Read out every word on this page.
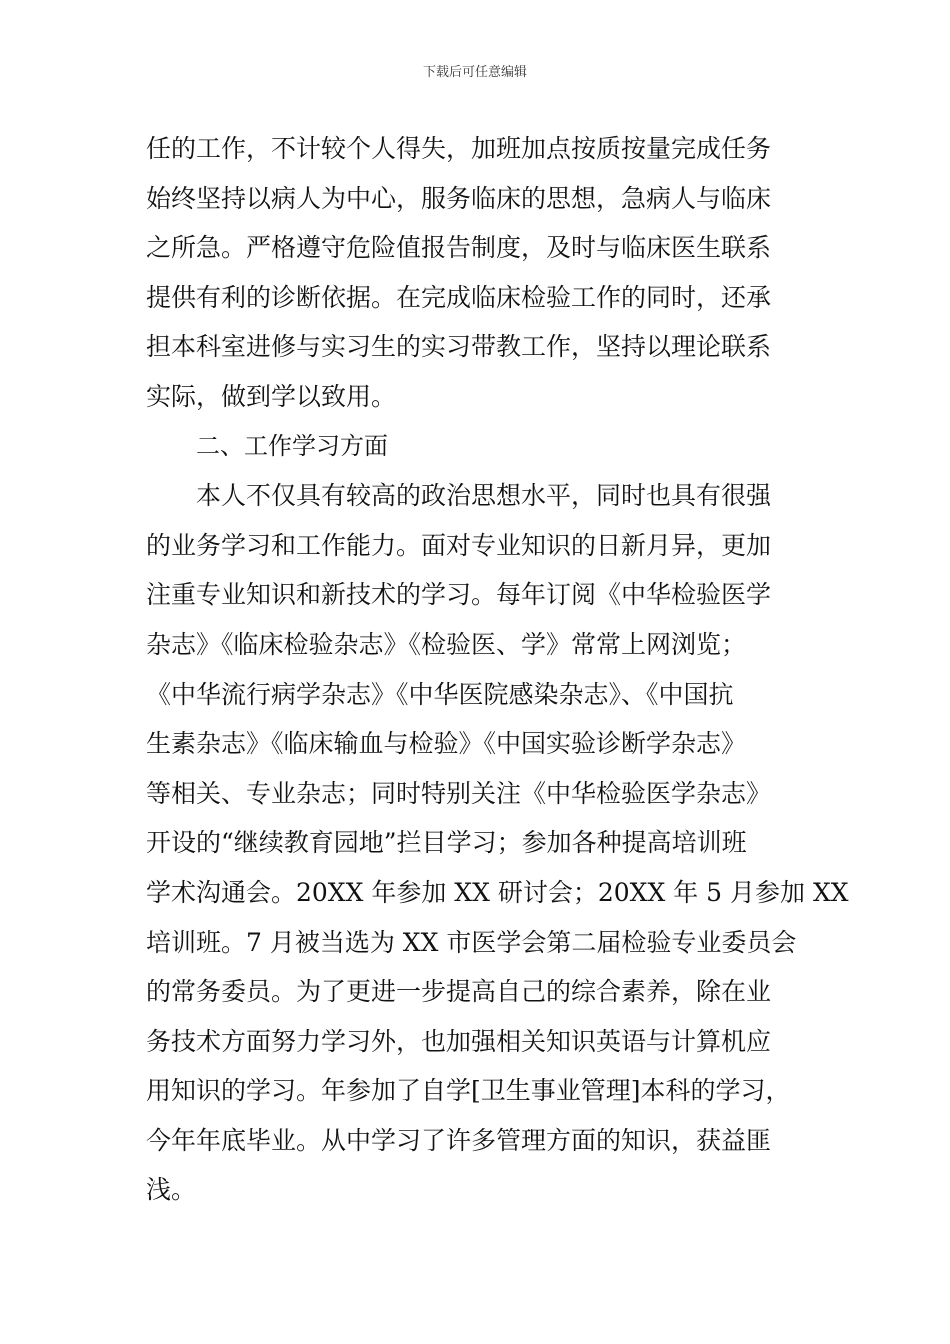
下载后可任意编辑
任的工作，不计较个人得失，加班加点按质按量完成任务
始终坚持以病人为中心，服务临床的思想，急病人与临床
之所急。严格遵守危险值报告制度，及时与临床医生联系
提供有利的诊断依据。在完成临床检验工作的同时，还承
担本科室进修与实习生的实习带教工作，坚持以理论联系
实际，做到学以致用。
二、工作学习方面
本人不仅具有较高的政治思想水平，同时也具有很强
的业务学习和工作能力。面对专业知识的日新月异，更加
注重专业知识和新技术的学习。每年订阅《中华检验医学
杂志》《临床检验杂志》《检验医、学》常常上网浏览；
《中华流行病学杂志》《中华医院感染杂志》、《中国抗
生素杂志》《临床输血与检验》《中国实验诊断学杂志》
等相关、专业杂志；同时特别关注《中华检验医学杂志》
开设的“继续教育园地”拦目学习；参加各种提高培训班
学术沟通会。20XX 年参加 XX 研讨会；20XX 年 5 月参加 XX
培训班。7 月被当选为 XX 市医学会第二届检验专业委员会
的常务委员。为了更进一步提高自己的综合素养，除在业
务技术方面努力学习外，也加强相关知识英语与计算机应
用知识的学习。年参加了自学[卫生事业管理]本科的学习，
今年年底毕业。从中学习了许多管理方面的知识，获益匪
浅。
